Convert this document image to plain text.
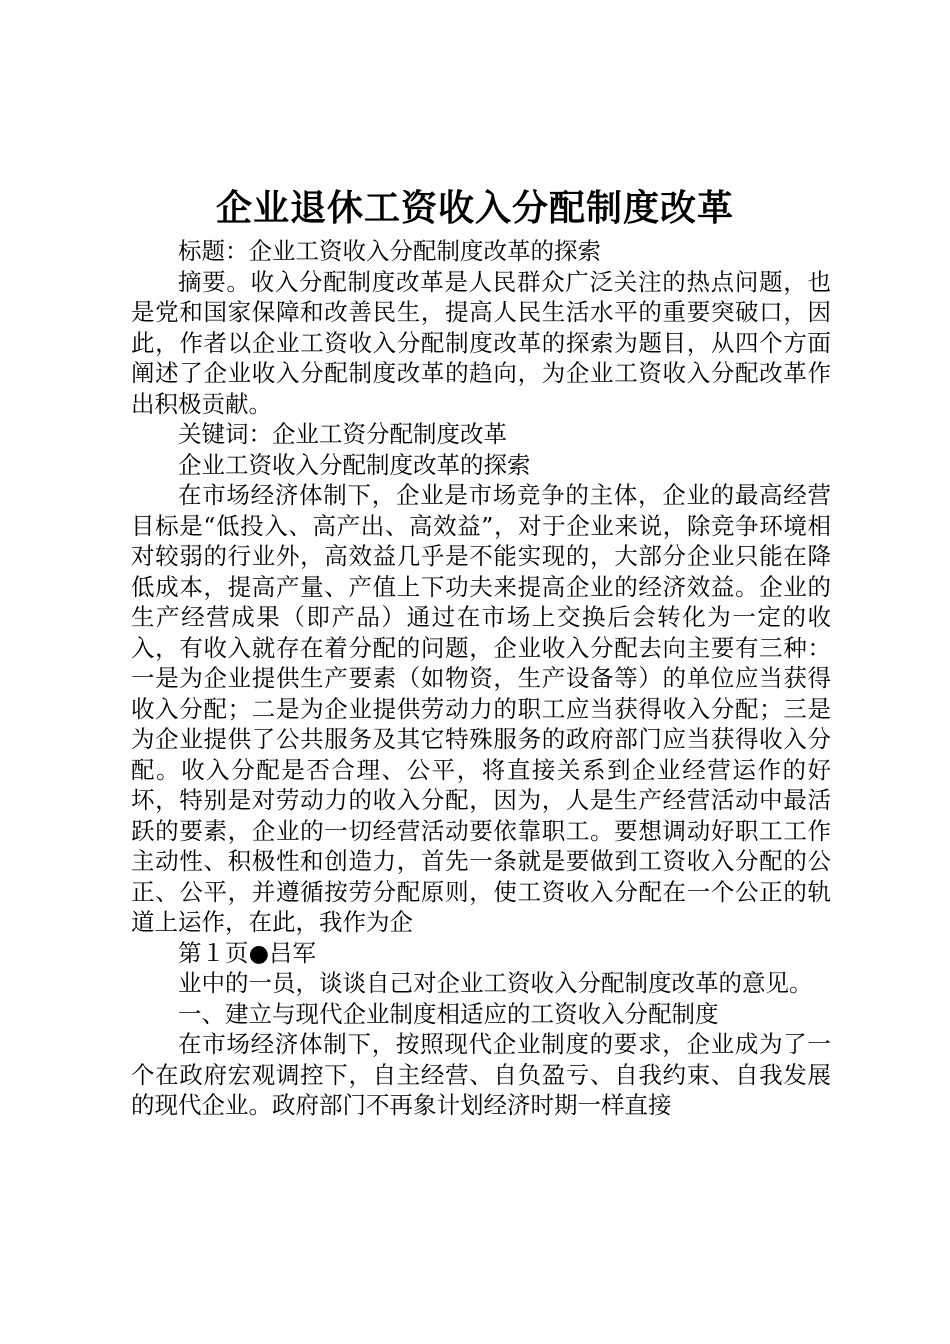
企业退休工资收入分配制度改革

标题：企业工资收入分配制度改革的探索

摘要。收入分配制度改革是人民群众广泛关注的热点问题，也是党和国家保障和改善民生，提高人民生活水平的重要突破口，因此，作者以企业工资收入分配制度改革的探索为题目，从四个方面阐述了企业收入分配制度改革的趋向，为企业工资收入分配改革作出积极贡献。

关键词：企业工资分配制度改革

企业工资收入分配制度改革的探索

在市场经济体制下，企业是市场竞争的主体，企业的最高经营目标是“低投入、高产出、高效益”，对于企业来说，除竞争环境相对较弱的行业外，高效益几乎是不能实现的，大部分企业只能在降低成本，提高产量、产值上下功夫来提高企业的经济效益。企业的生产经营成果（即产品）通过在市场上交换后会转化为一定的收入，有收入就存在着分配的问题，企业收入分配去向主要有三种：一是为企业提供生产要素（如物资，生产设备等）的单位应当获得收入分配；二是为企业提供劳动力的职工应当获得收入分配；三是为企业提供了公共服务及其它特殊服务的政府部门应当获得收入分配。收入分配是否合理、公平，将直接关系到企业经营运作的好坏，特别是对劳动力的收入分配，因为，人是生产经营活动中最活跃的要素，企业的一切经营活动要依靠职工。要想调动好职工工作主动性、积极性和创造力，首先一条就是要做到工资收入分配的公正、公平，并遵循按劳分配原则，使工资收入分配在一个公正的轨道上运作，在此，我作为企

第１页●吕军

业中的一员，谈谈自己对企业工资收入分配制度改革的意见。

一、建立与现代企业制度相适应的工资收入分配制度

在市场经济体制下，按照现代企业制度的要求，企业成为了一个在政府宏观调控下，自主经营、自负盈亏、自我约束、自我发展的现代企业。政府部门不再象计划经济时期一样直接
